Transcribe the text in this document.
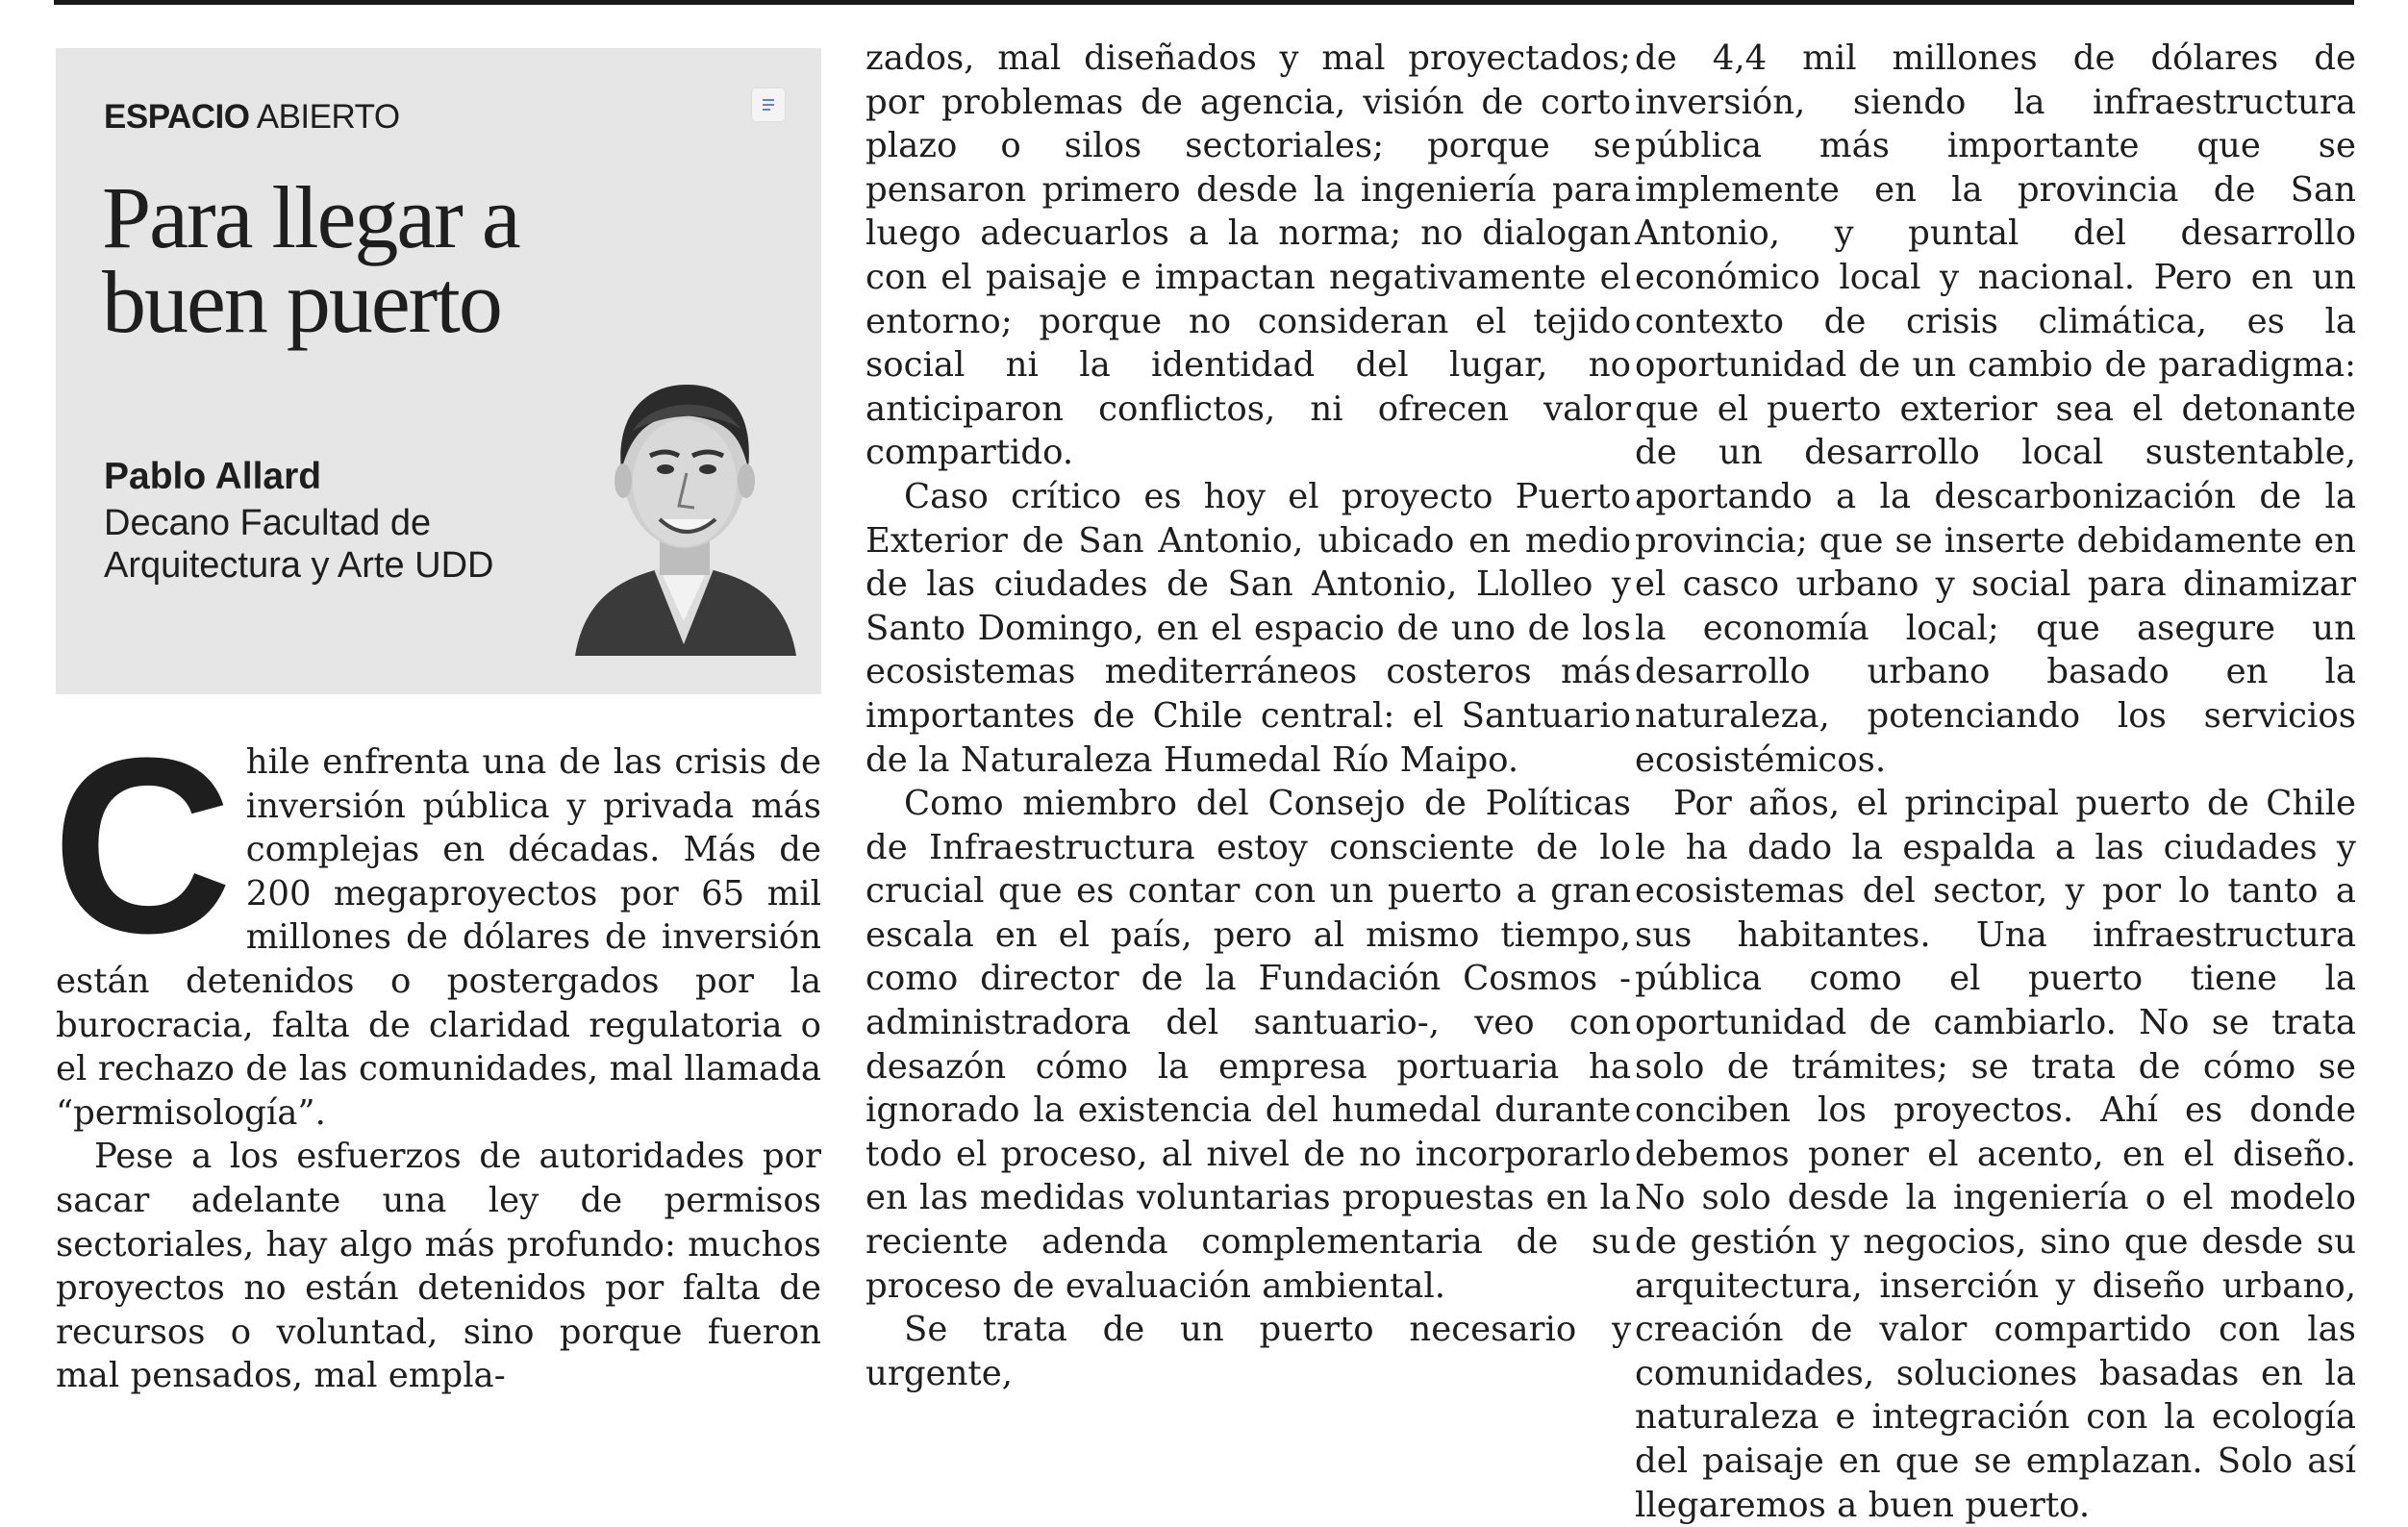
ESPACIO ABIERTO
Para llegar a buen puerto
Pablo Allard
Decano Facultad de Arquitectura y Arte UDD
C hile enfrenta una de las crisis de inversión pública y privada más complejas en décadas. Más de 200 megaproyectos por 65 mil millones de dólares de inversión están detenidos o postergados por la burocracia, falta de claridad regulatoria o el rechazo de las comunidades, mal llamada “permisología”.

Pese a los esfuerzos de autoridades por sacar adelante una ley de permisos sectoriales, hay algo más profundo: muchos proyectos no están detenidos por falta de recursos o voluntad, sino porque fueron mal pensados, mal empla-

zados, mal diseñados y mal proyectados; por problemas de agencia, visión de corto plazo o silos sectoriales; porque se pensaron primero desde la ingeniería para luego adecuarlos a la norma; no dialogan con el paisaje e impactan negativamente el entorno; porque no consideran el tejido social ni la identidad del lugar, no anticiparon conflictos, ni ofrecen valor compartido.

Caso crítico es hoy el proyecto Puerto Exterior de San Antonio, ubicado en medio de las ciudades de San Antonio, Llolleo y Santo Domingo, en el espacio de uno de los ecosistemas mediterráneos costeros más importantes de Chile central: el Santuario de la Naturaleza Humedal Río Maipo.

Como miembro del Consejo de Políticas de Infraestructura estoy consciente de lo crucial que es contar con un puerto a gran escala en el país, pero al mismo tiempo, como director de la Fundación Cosmos -administradora del santuario-, veo con desazón cómo la empresa portuaria ha ignorado la existencia del humedal durante todo el proceso, al nivel de no incorporarlo en las medidas voluntarias propuestas en la reciente adenda complementaria de su proceso de evaluación ambiental.

Se trata de un puerto necesario y urgente,

de 4,4 mil millones de dólares de inversión, siendo la infraestructura pública más importante que se implemente en la provincia de San Antonio, y puntal del desarrollo económico local y nacional. Pero en un contexto de crisis climática, es la oportunidad de un cambio de paradigma: que el puerto exterior sea el detonante de un desarrollo local sustentable, aportando a la descarbonización de la provincia; que se inserte debidamente en el casco urbano y social para dinamizar la economía local; que asegure un desarrollo urbano basado en la naturaleza, potenciando los servicios ecosistémicos.

Por años, el principal puerto de Chile le ha dado la espalda a las ciudades y ecosistemas del sector, y por lo tanto a sus habitantes. Una infraestructura pública como el puerto tiene la oportunidad de cambiarlo. No se trata solo de trámites; se trata de cómo se conciben los proyectos. Ahí es donde debemos poner el acento, en el diseño. No solo desde la ingeniería o el modelo de gestión y negocios, sino que desde su arquitectura, inserción y diseño urbano, creación de valor compartido con las comunidades, soluciones basadas en la naturaleza e integración con la ecología del paisaje en que se emplazan. Solo así llegaremos a buen puerto.
